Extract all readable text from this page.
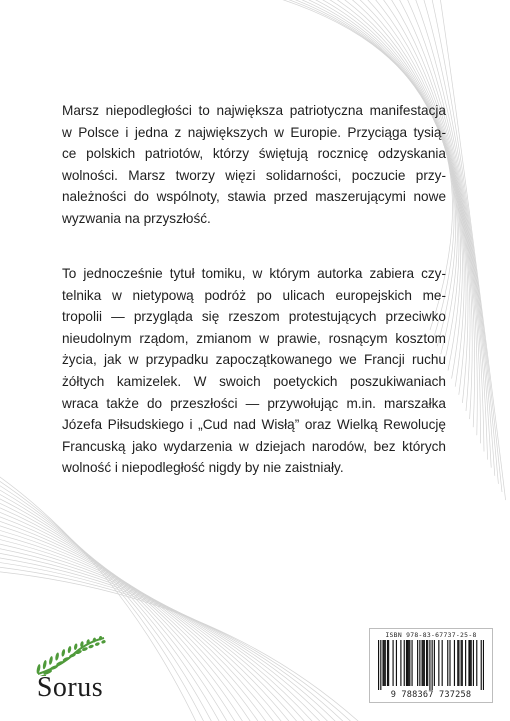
Marsz niepodległości to największa patriotyczna manifestacja
w Polsce i jedna z największych w Europie. Przyciąga tysią-
ce polskich patriotów, którzy świętują rocznicę odzyskania
wolności. Marsz tworzy więzi solidarności, poczucie przy-
należności do wspólnoty, stawia przed maszerującymi nowe
wyzwania na przyszłość.
To jednocześnie tytuł tomiku, w którym autorka zabiera czy-
telnika w nietypową podróż po ulicach europejskich me-
tropolii — przygląda się rzeszom protestujących przeciwko
nieudolnym rządom, zmianom w prawie, rosnącym kosztom
życia, jak w przypadku zapoczątkowanego we Francji ruchu
żółtych kamizelek. W swoich poetyckich poszukiwaniach
wraca także do przeszłości — przywołując m.in. marszałka
Józefa Piłsudskiego i „Cud nad Wisłą” oraz Wielką Rewolucję
Francuską jako wydarzenia w dziejach narodów, bez których
wolność i niepodległość nigdy by nie zaistniały.
Sorus
ISBN 978-83-67737-25-8
9 788367 737258
